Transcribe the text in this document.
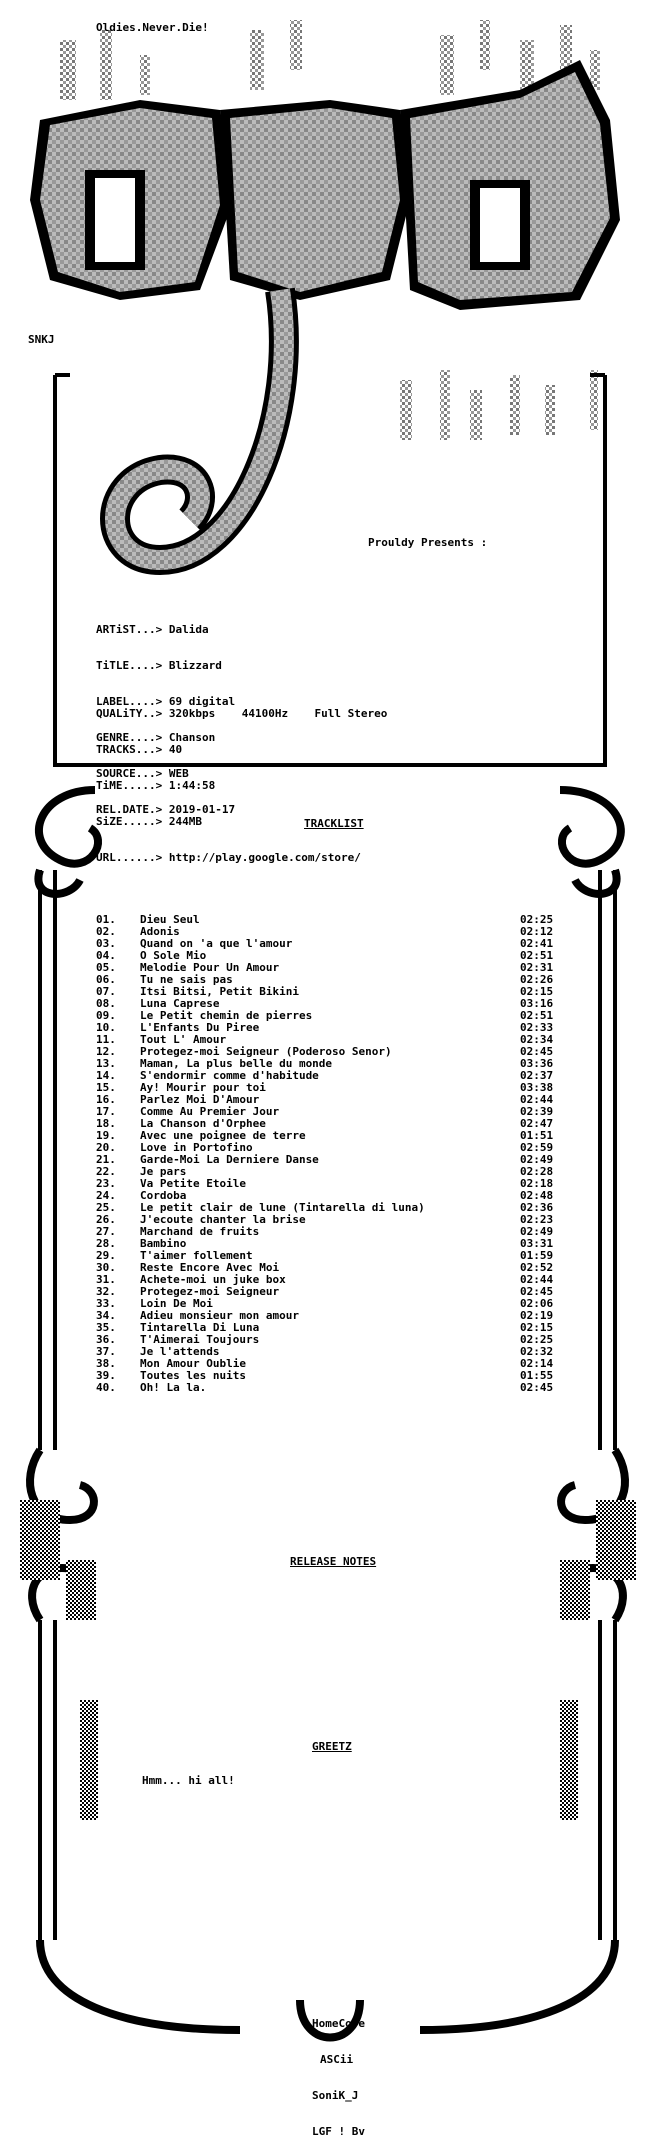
Oldies.Never.Die!
SNKJ
Prouldy Presents :

ARTiST...> Dalida

TiTLE....> Blizzard

LABEL....> 69 digital

GENRE....> Chanson

SOURCE...> WEB

REL.DATE.> 2019-01-17

QUALiTY..> 320kbps    44100Hz    Full Stereo

TRACKS...> 40

TiME.....> 1:44:58

SiZE.....> 244MB

URL......> http://play.google.com/store/

TRACKLIST
RELEASE NOTES
GREETZ
01.	Dieu Seul	02:25
02.	Adonis	02:12
03.	Quand on 'a que l'amour	02:41
04.	O Sole Mio	02:51
05.	Melodie Pour Un Amour	02:31
06.	Tu ne sais pas	02:26
07.	Itsi Bitsi, Petit Bikini	02:15
08.	Luna Caprese	03:16
09.	Le Petit chemin de pierres	02:51
10.	L'Enfants Du Piree	02:33
11.	Tout L' Amour	02:34
12.	Protegez-moi Seigneur (Poderoso Senor)	02:45
13.	Maman, La plus belle du monde	03:36
14.	S'endormir comme d'habitude	02:37
15.	Ay! Mourir pour toi	03:38
16.	Parlez Moi D'Amour	02:44
17.	Comme Au Premier Jour	02:39
18.	La Chanson d'Orphee	02:47
19.	Avec une poignee de terre	01:51
20.	Love in Portofino	02:59
21.	Garde-Moi La Derniere Danse	02:49
22.	Je pars	02:28
23.	Va Petite Etoile	02:18
24.	Cordoba	02:48
25.	Le petit clair de lune (Tintarella di luna)	02:36
26.	J'ecoute chanter la brise	02:23
27.	Marchand de fruits	02:49
28.	Bambino	03:31
29.	T'aimer follement	01:59
30.	Reste Encore Avec Moi	02:52
31.	Achete-moi un juke box	02:44
32.	Protegez-moi Seigneur	02:45
33.	Loin De Moi	02:06
34.	Adieu monsieur mon amour	02:19
35.	Tintarella Di Luna	02:15
36.	T'Aimerai Toujours	02:25
37.	Je l'attends	02:32
38.	Mon Amour Oublie	02:14
39.	Toutes les nuits	01:55
40.	Oh! La la.	02:45
Hmm... hi all!

HomeCore

ASCii

SoniK_J

LGF ! Bv
